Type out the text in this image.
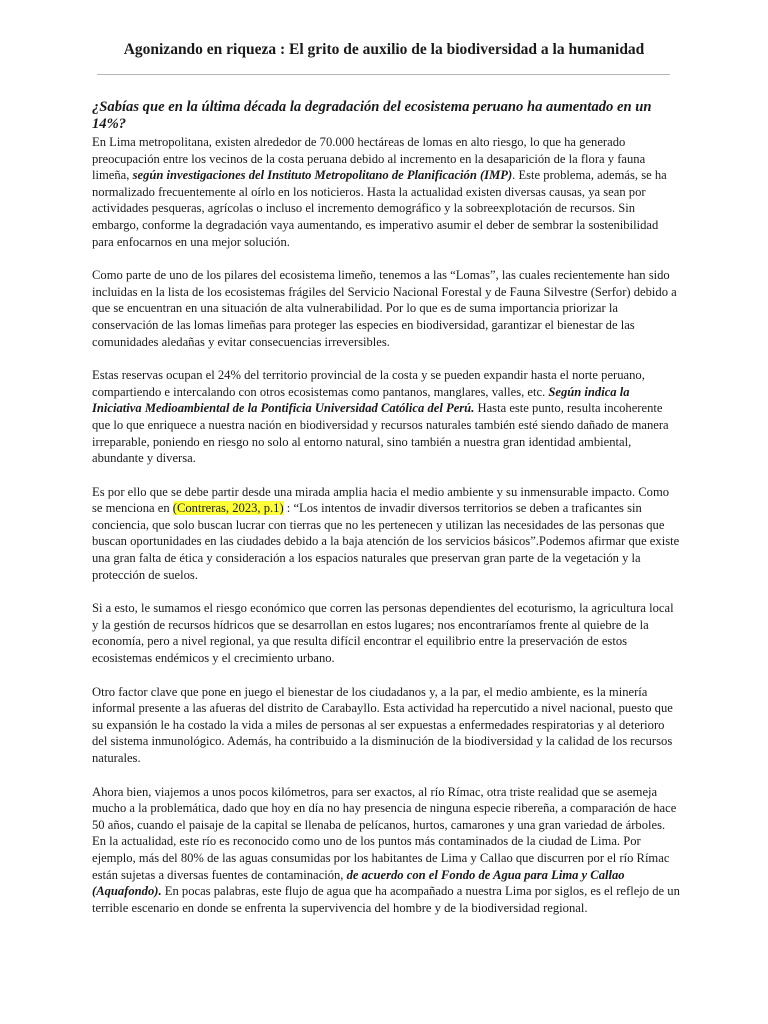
Agonizando en riqueza : El grito de auxilio de la biodiversidad a la humanidad

¿Sabías que en la última década la degradación del ecosistema peruano ha aumentado en un 14%?

En Lima metropolitana, existen alrededor de 70.000 hectáreas de lomas en alto riesgo, lo que ha generado preocupación entre los vecinos de la costa peruana debido al incremento en la desaparición de la flora y fauna limeña, según investigaciones del Instituto Metropolitano de Planificación (IMP). Este problema, además, se ha normalizado frecuentemente al oírlo en los noticieros. Hasta la actualidad existen diversas causas, ya sean por actividades pesqueras, agrícolas o incluso el incremento demográfico y la sobreexplotación de recursos. Sin embargo, conforme la degradación vaya aumentando, es imperativo asumir el deber de sembrar la sostenibilidad para enfocarnos en una mejor solución.

Como parte de uno de los pilares del ecosistema limeño, tenemos a las “Lomas”, las cuales recientemente han sido incluidas en la lista de los ecosistemas frágiles del Servicio Nacional Forestal y de Fauna Silvestre (Serfor) debido a que se encuentran en una situación de alta vulnerabilidad. Por lo que es de suma importancia priorizar la conservación de las lomas limeñas para proteger las especies en biodiversidad, garantizar el bienestar de las comunidades aledañas y evitar consecuencias irreversibles.

Estas reservas ocupan el 24% del territorio provincial de la costa y se pueden expandir hasta el norte peruano, compartiendo e intercalando con otros ecosistemas como pantanos, manglares, valles, etc. Según indica la Iniciativa Medioambiental de la Pontificia Universidad Católica del Perú. Hasta este punto, resulta incoherente que lo que enriquece a nuestra nación en biodiversidad y recursos naturales también esté siendo dañado de manera irreparable, poniendo en riesgo no solo al entorno natural, sino también a nuestra gran identidad ambiental, abundante y diversa.

Es por ello que se debe partir desde una mirada amplia hacia el medio ambiente y su inmensurable impacto. Como se menciona en (Contreras, 2023, p.1) : “Los intentos de invadir diversos territorios se deben a traficantes sin conciencia, que solo buscan lucrar con tierras que no les pertenecen y utilizan las necesidades de las personas que buscan oportunidades en las ciudades debido a la baja atención de los servicios básicos”.Podemos afirmar que existe una gran falta de ética y consideración a los espacios naturales que preservan gran parte de la vegetación y la protección de suelos.

Si a esto, le sumamos el riesgo económico que corren las personas dependientes del ecoturismo, la agricultura local y la gestión de recursos hídricos que se desarrollan en estos lugares; nos encontraríamos frente al quiebre de la economía, pero a nivel regional, ya que resulta difícil encontrar el equilibrio entre la preservación de estos ecosistemas endémicos y el crecimiento urbano.

Otro factor clave que pone en juego el bienestar de los ciudadanos y, a la par, el medio ambiente, es la minería informal presente a las afueras del distrito de Carabayllo. Esta actividad ha repercutido a nivel nacional, puesto que su expansión le ha costado la vida a miles de personas al ser expuestas a enfermedades respiratorias y al deterioro del sistema inmunológico. Además, ha contribuido a la disminución de la biodiversidad y la calidad de los recursos naturales.

Ahora bien, viajemos a unos pocos kilómetros, para ser exactos, al río Rímac, otra triste realidad que se asemeja mucho a la problemática, dado que hoy en día no hay presencia de ninguna especie ribereña, a comparación de hace 50 años, cuando el paisaje de la capital se llenaba de pelícanos, hurtos, camarones y una gran variedad de árboles. En la actualidad, este río es reconocido como uno de los puntos más contaminados de la ciudad de Lima. Por ejemplo, más del 80% de las aguas consumidas por los habitantes de Lima y Callao que discurren por el río Rímac están sujetas a diversas fuentes de contaminación, de acuerdo con el Fondo de Agua para Lima y Callao (Aquafondo). En pocas palabras, este flujo de agua que ha acompañado a nuestra Lima por siglos, es el reflejo de un terrible escenario en donde se enfrenta la supervivencia del hombre y de la biodiversidad regional.
